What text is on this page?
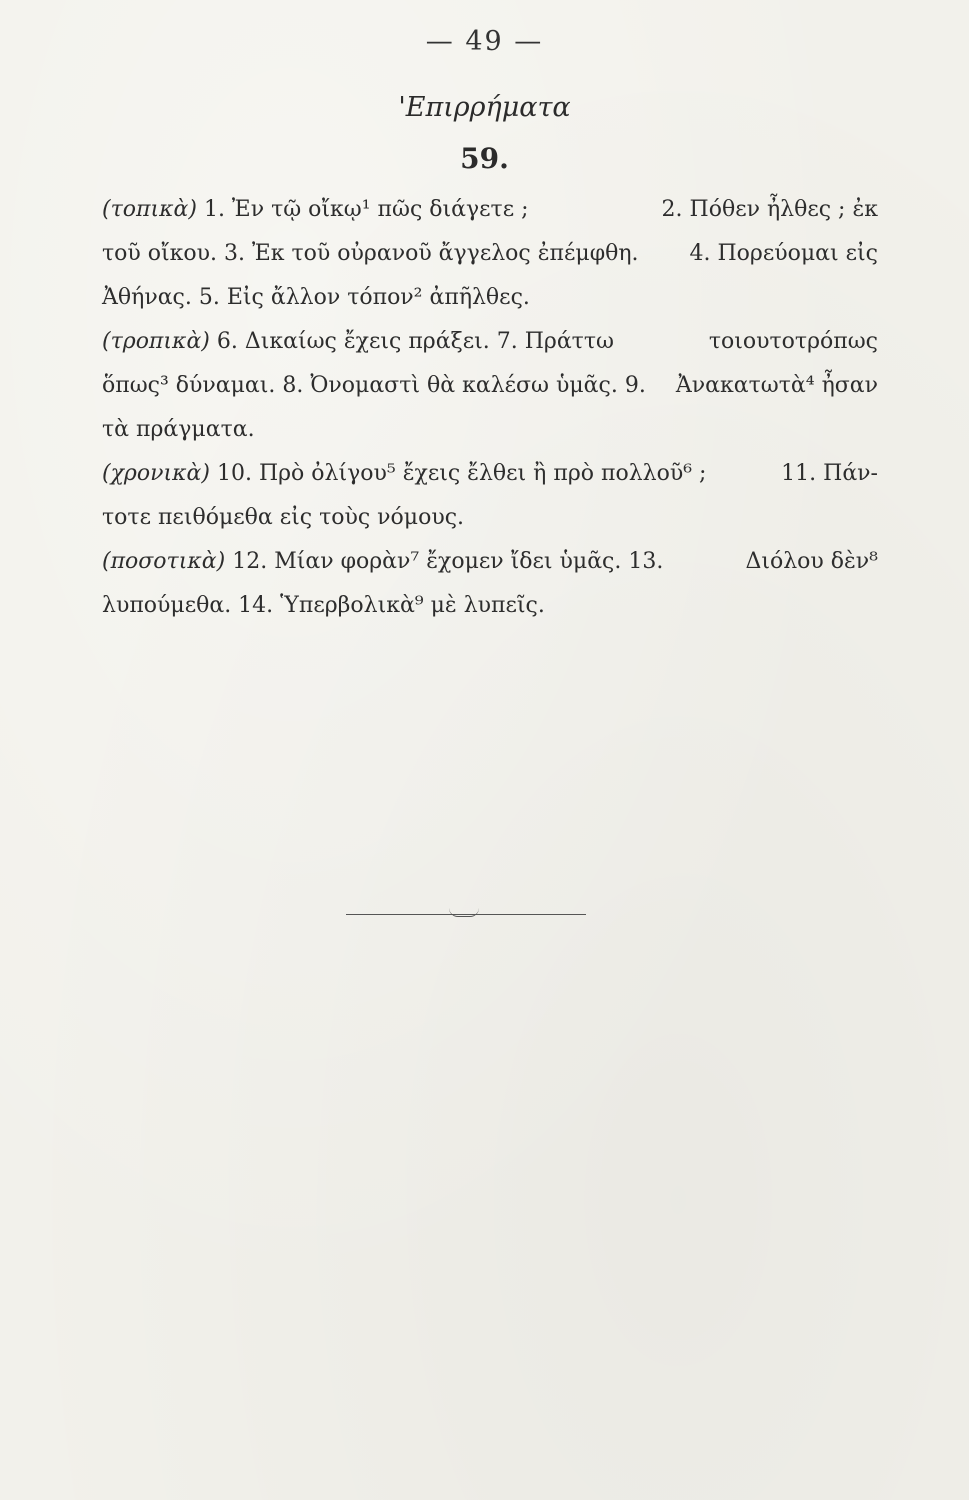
— 49 —
'Επιρρήματα
59.
(τοπικὰ) 1. Ἐν τῷ οἴκῳ¹ πῶς διάγετε ;	2. Πόθεν ἦλθες ; ἐκ
τοῦ οἴκου. 3. Ἐκ τοῦ οὐρανοῦ ἄγγελος ἐπέμφθη. 4. Πορεύομαι εἰς
Ἀθήνας. 5. Εἰς ἄλλον τόπον² ἀπῆλθες.
(τροπικὰ) 6. Δικαίως ἔχεις πράξει. 7. Πράττω	τοιουτοτρόπως
ὅπως³ δύναμαι. 8. Ὀνομαστὶ θὰ καλέσω ὑμᾶς. 9. Ἀνακατωτὰ⁴ ἦσαν
τὰ πράγματα.
(χρονικὰ) 10. Πρὸ ὀλίγου⁵ ἔχεις ἔλθει ἢ πρὸ πολλοῦ⁶ ;	11. Πάν-
τοτε πειθόμεθα εἰς τοὺς νόμους.
(ποσοτικὰ) 12. Μίαν φορὰν⁷ ἔχομεν ἴδει ὑμᾶς. 13.	Διόλου δὲν⁸
λυπούμεθα. 14. Ὑπερβολικὰ⁹ μὲ λυπεῖς.
